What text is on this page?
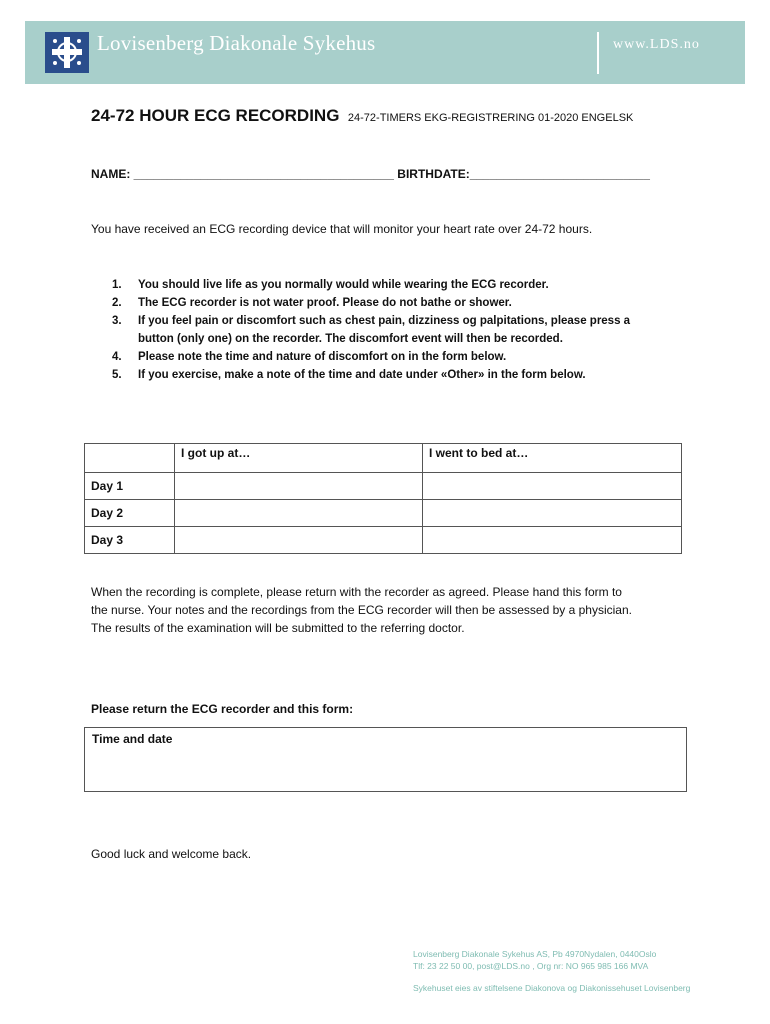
Lovisenberg Diakonale Sykehus	www.LDS.no
24-72 HOUR ECG RECORDING 24-72-TIMERS EKG-REGISTRERING 01-2020 ENGELSK
NAME: _______________________________________ BIRTHDATE:___________________________
You have received an ECG recording device that will monitor your heart rate over 24-72 hours.
1. You should live life as you normally would while wearing the ECG recorder.
2. The ECG recorder is not water proof. Please do not bathe or shower.
3. If you feel pain or discomfort such as chest pain, dizziness og palpitations, please press a
button (only one) on the recorder. The discomfort event will then be recorded.
4. Please note the time and nature of discomfort on in the form below.
5. If you exercise, make a note of the time and date under «Other» in the form below.
	I got up at…	I went to bed at…
Day 1		
Day 2		
Day 3		
When the recording is complete, please return with the recorder as agreed. Please hand this form to
the nurse. Your notes and the recordings from the ECG recorder will then be assessed by a physician.
The results of the examination will be submitted to the referring doctor.
Please return the ECG recorder and this form:
Time and date
Good luck and welcome back.
Lovisenberg Diakonale Sykehus AS, Pb 4970Nydalen, 0440Oslo
Tlf: 23 22 50 00, post@LDS.no , Org nr: NO 965 985 166 MVA
Sykehuset eies av stiftelsene Diakonova og Diakonissehuset Lovisenberg
